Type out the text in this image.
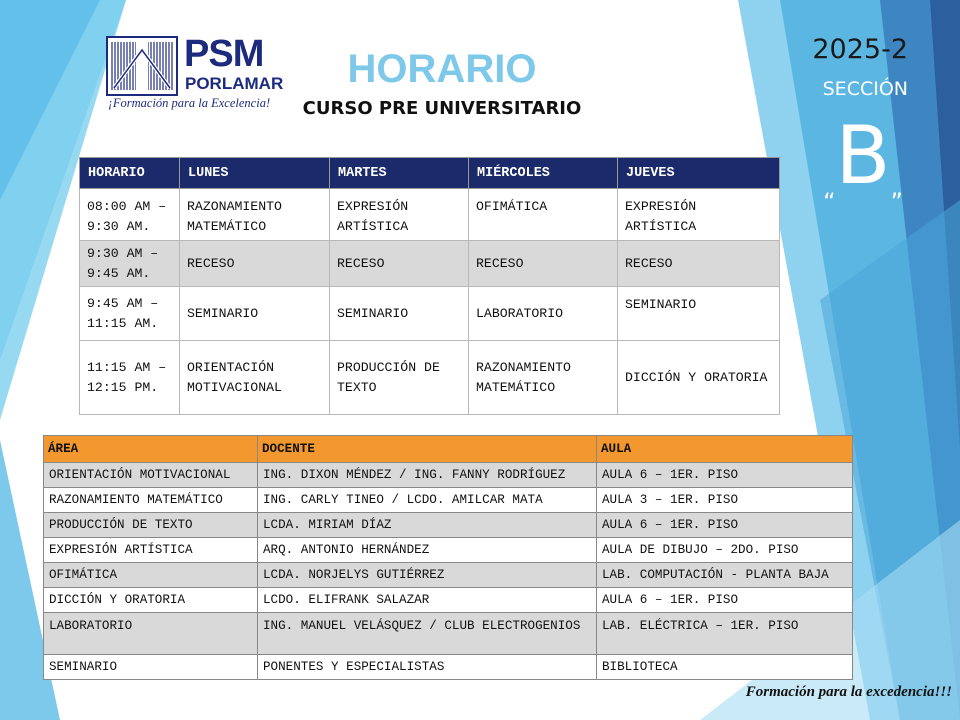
PSM
PORLAMAR
¡Formación para la Excelencia!
HORARIO
CURSO PRE UNIVERSITARIO
2025-2
SECCIÓN
“B”
HORARIO	LUNES	MARTES	MIÉRCOLES	JUEVES
08:00 AM – 9:30 AM.	RAZONAMIENTO MATEMÁTICO	EXPRESIÓN ARTÍSTICA	OFIMÁTICA	EXPRESIÓN ARTÍSTICA
9:30 AM – 9:45 AM.	RECESO	RECESO	RECESO	RECESO
9:45 AM – 11:15 AM.	SEMINARIO	SEMINARIO	LABORATORIO	SEMINARIO
11:15 AM – 12:15 PM.	ORIENTACIÓN MOTIVACIONAL	PRODUCCIÓN DE TEXTO	RAZONAMIENTO MATEMÁTICO	DICCIÓN Y ORATORIA
ÁREA	DOCENTE	AULA
ORIENTACIÓN MOTIVACIONAL	ING. DIXON MÉNDEZ / ING. FANNY RODRÍGUEZ	AULA 6 – 1ER. PISO
RAZONAMIENTO MATEMÁTICO	ING. CARLY TINEO / LCDO. AMILCAR MATA	AULA 3 – 1ER. PISO
PRODUCCIÓN DE TEXTO	LCDA. MIRIAM DÍAZ	AULA 6 – 1ER. PISO
EXPRESIÓN ARTÍSTICA	ARQ. ANTONIO HERNÁNDEZ	AULA DE DIBUJO – 2DO. PISO
OFIMÁTICA	LCDA. NORJELYS GUTIÉRREZ	LAB. COMPUTACIÓN - PLANTA BAJA
DICCIÓN Y ORATORIA	LCDO. ELIFRANK SALAZAR	AULA 6 – 1ER. PISO
LABORATORIO	ING. MANUEL VELÁSQUEZ / CLUB ELECTROGENIOS	LAB. ELÉCTRICA – 1ER. PISO
SEMINARIO	PONENTES Y ESPECIALISTAS	BIBLIOTECA
Formación para la excedencia!!!
